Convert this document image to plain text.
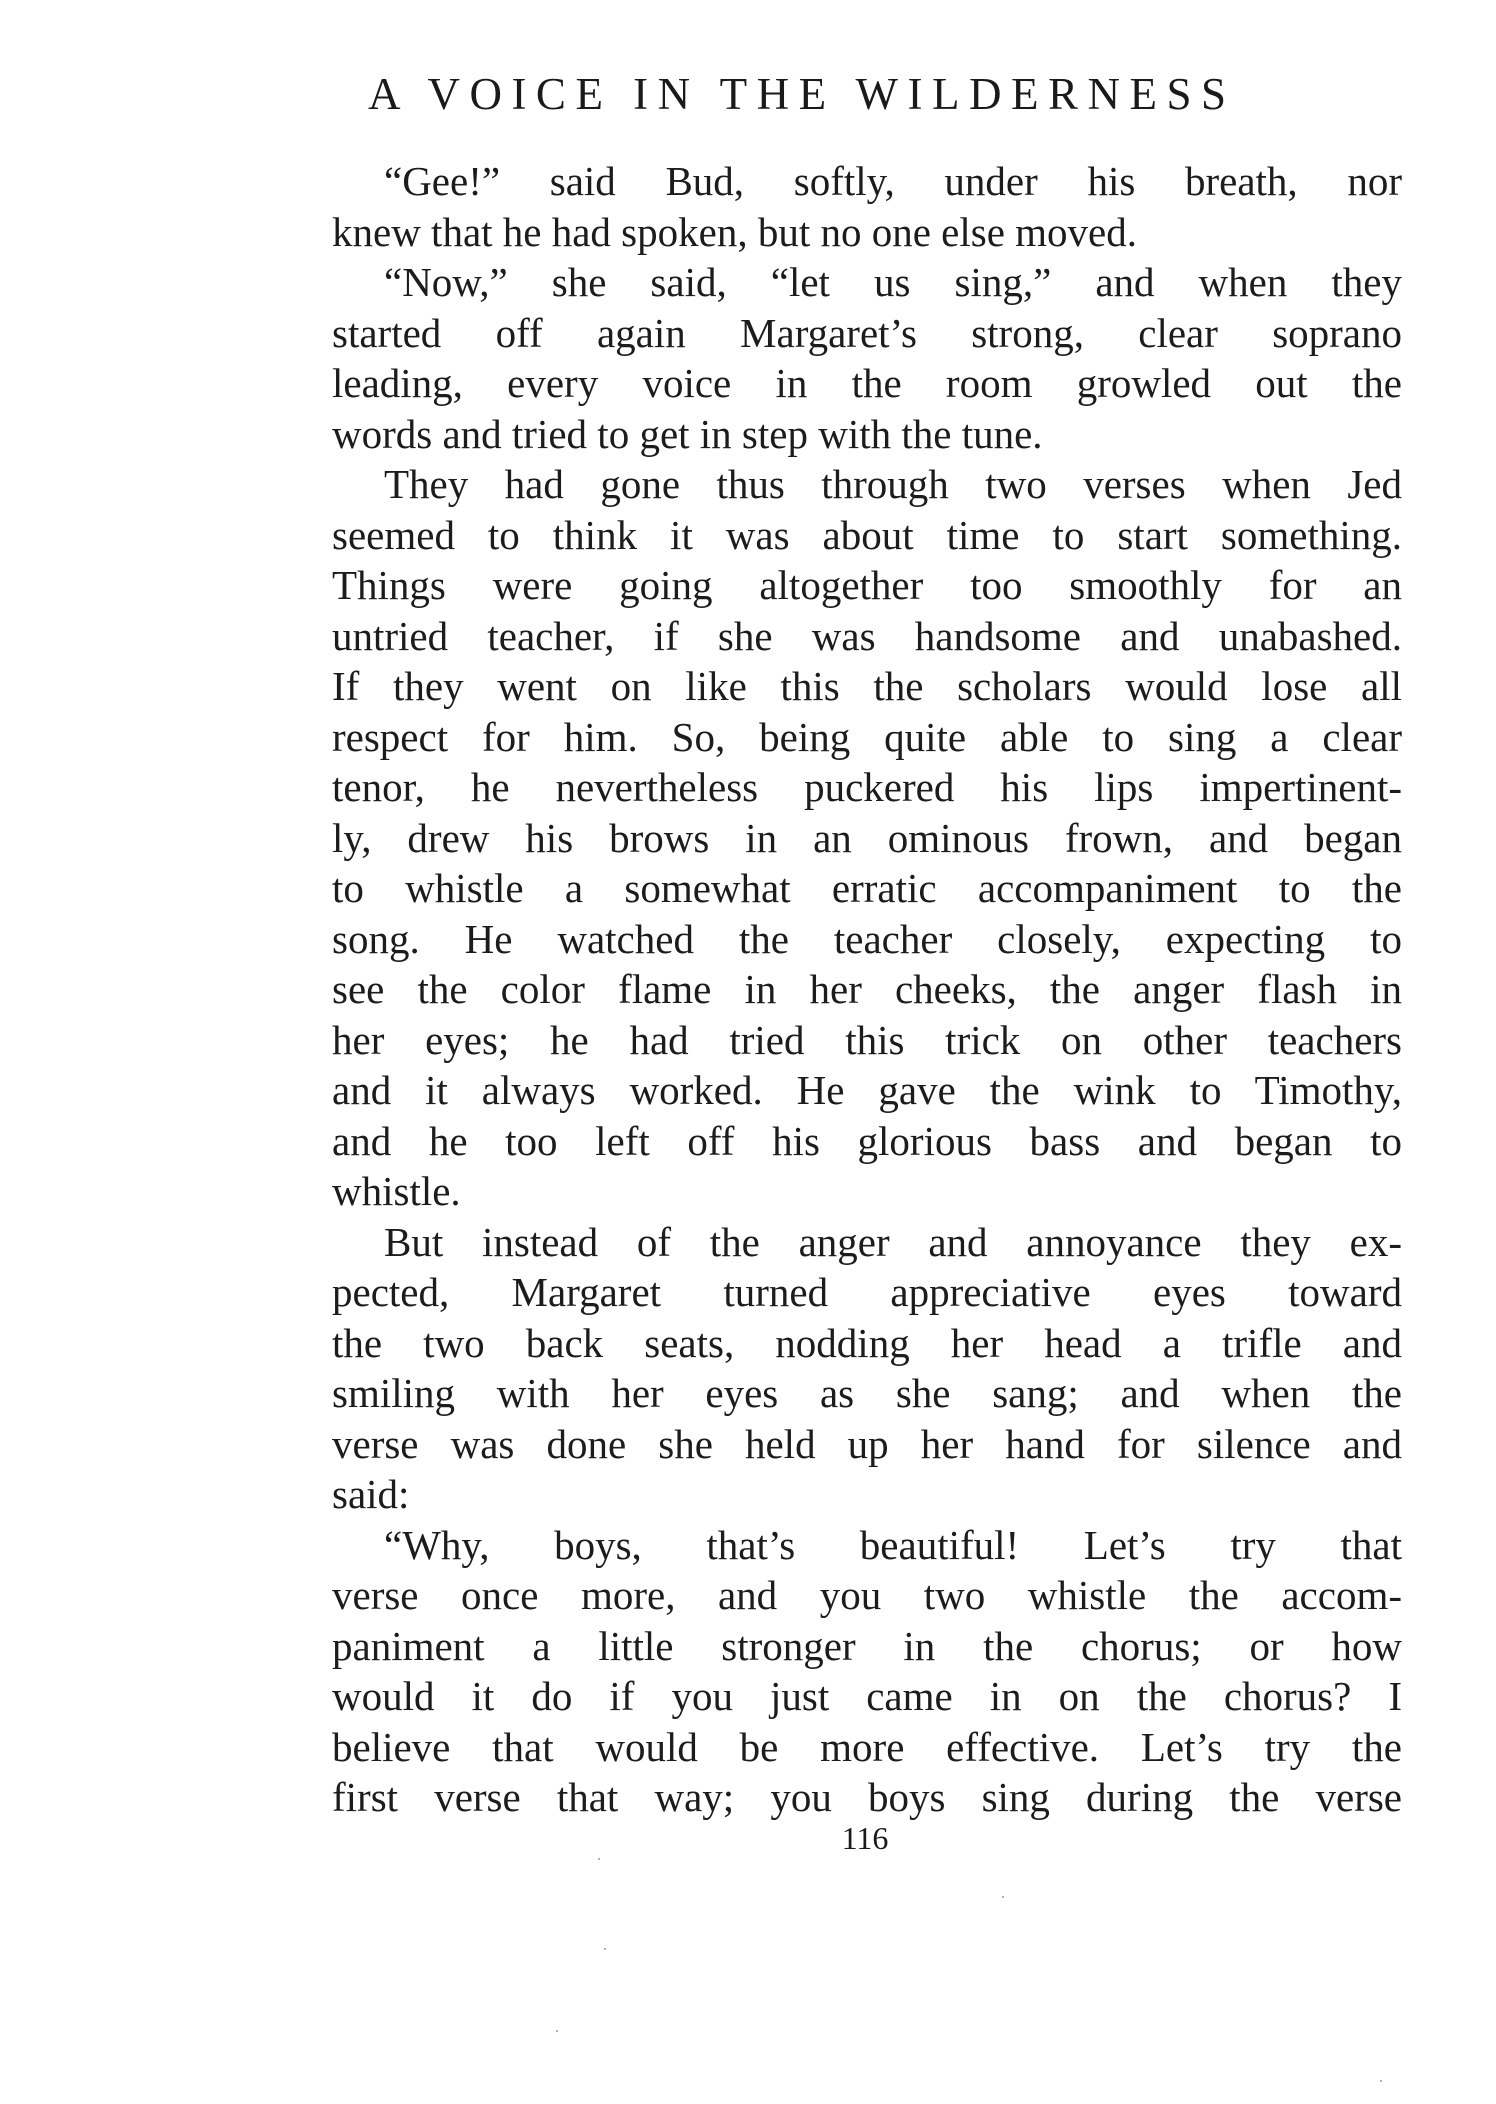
A VOICE IN THE WILDERNESS
“Gee!” said Bud, softly, under his breath, nor
knew that he had spoken, but no one else moved.
“Now,” she said, “let us sing,” and when they
started off again Margaret’s strong, clear soprano
leading, every voice in the room growled out the
words and tried to get in step with the tune.
They had gone thus through two verses when Jed
seemed to think it was about time to start something.
Things were going altogether too smoothly for an
untried teacher, if she was handsome and unabashed.
If they went on like this the scholars would lose all
respect for him. So, being quite able to sing a clear
tenor, he nevertheless puckered his lips impertinent-
ly, drew his brows in an ominous frown, and began
to whistle a somewhat erratic accompaniment to the
song. He watched the teacher closely, expecting to
see the color flame in her cheeks, the anger flash in
her eyes; he had tried this trick on other teachers
and it always worked. He gave the wink to Timothy,
and he too left off his glorious bass and began to
whistle.
But instead of the anger and annoyance they ex-
pected, Margaret turned appreciative eyes toward
the two back seats, nodding her head a trifle and
smiling with her eyes as she sang; and when the
verse was done she held up her hand for silence and
said:
“Why, boys, that’s beautiful! Let’s try that
verse once more, and you two whistle the accom-
paniment a little stronger in the chorus; or how
would it do if you just came in on the chorus? I
believe that would be more effective. Let’s try the
first verse that way; you boys sing during the verse
116
